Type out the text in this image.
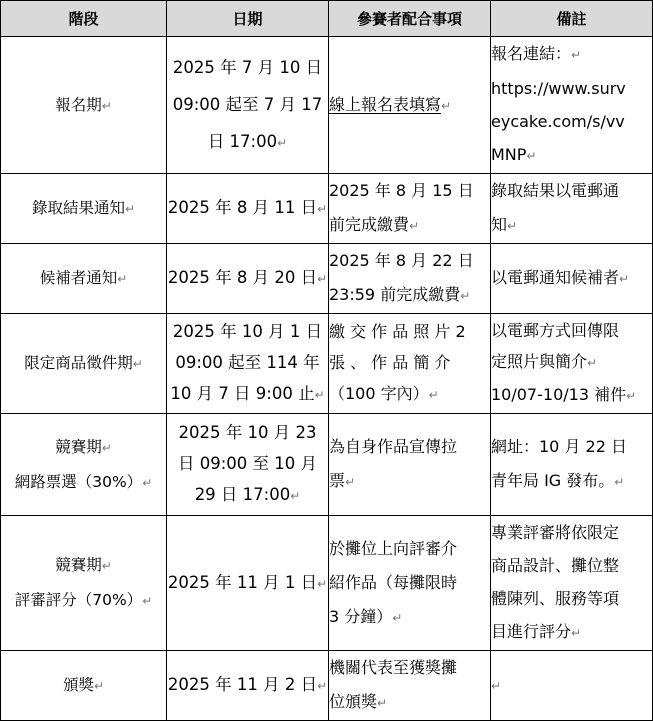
階段	日期	參賽者配合事項	備註
報名期↵	2025 年 7 月 10 日
09:00 起至 7 月 17
日 17:00↵	線上報名表填寫↵	報名連結：↵
https://www.surv
eycake.com/s/vv
MNP↵
錄取結果通知↵	2025 年 8 月 11 日↵	2025 年 8 月 15 日
前完成繳費↵	錄取結果以電郵通
知↵
候補者通知↵	2025 年 8 月 20 日↵	2025 年 8 月 22 日
23:59 前完成繳費↵	以電郵通知候補者↵
限定商品徵件期↵	2025 年 10 月 1 日
09:00 起至 114 年
10 月 7 日 9:00 止↵	繳 交 作 品 照 片 2
張 、 作 品 簡 介
（100 字內）↵	以電郵方式回傳限
定照片與簡介↵
10/07-10/13 補件↵
競賽期↵
網路票選（30%）↵	2025 年 10 月 23
日 09:00 至 10 月
29 日 17:00↵	為自身作品宣傳拉
票↵	網址：10 月 22 日
青年局 IG 發布。↵
競賽期↵
評審評分（70%）↵	2025 年 11 月 1 日↵	於攤位上向評審介
紹作品（每攤限時
3 分鐘）↵	專業評審將依限定
商品設計、攤位整
體陳列、服務等項
目進行評分↵
頒獎↵	2025 年 11 月 2 日↵	機關代表至獲獎攤
位頒獎↵	↵
